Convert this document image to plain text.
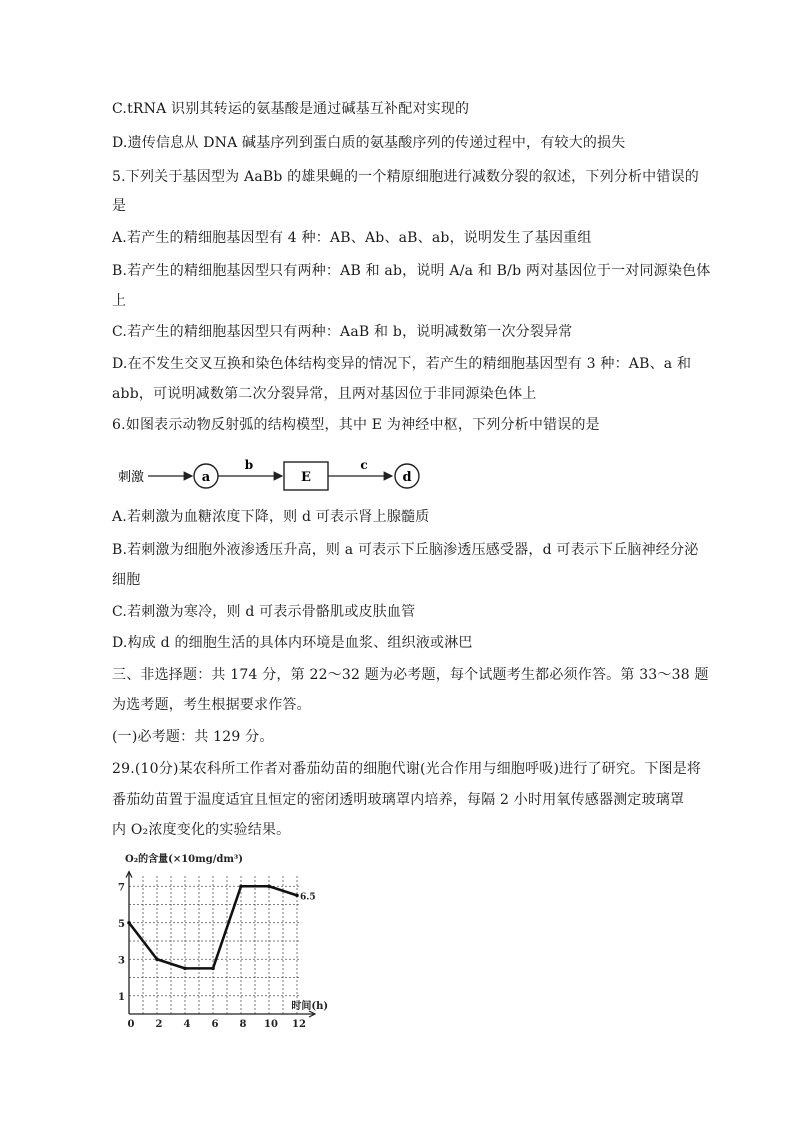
C.tRNA 识别其转运的氨基酸是通过碱基互补配对实现的
D.遗传信息从 DNA 碱基序列到蛋白质的氨基酸序列的传递过程中，有较大的损失
5.下列关于基因型为 AaBb 的雄果蝇的一个精原细胞进行减数分裂的叙述，下列分析中错误的
是
A.若产生的精细胞基因型有 4 种：AB、Ab、aB、ab，说明发生了基因重组
B.若产生的精细胞基因型只有两种：AB 和 ab，说明 A/a 和 B/b 两对基因位于一对同源染色体
上
C.若产生的精细胞基因型只有两种：AaB 和 b，说明减数第一次分裂异常
D.在不发生交叉互换和染色体结构变异的情况下，若产生的精细胞基因型有 3 种：AB、a 和
abb，可说明减数第二次分裂异常，且两对基因位于非同源染色体上
6.如图表示动物反射弧的结构模型，其中 E 为神经中枢，下列分析中错误的是
刺激	a
b
E
c
d
A.若刺激为血糖浓度下降，则 d 可表示肾上腺髓质
B.若刺激为细胞外液渗透压升高，则 a 可表示下丘脑渗透压感受器，d 可表示下丘脑神经分泌
细胞
C.若刺激为寒冷，则 d 可表示骨骼肌或皮肤血管
D.构成 d 的细胞生活的具体内环境是血浆、组织液或淋巴
三、非选择题：共 174 分，第 22～32 题为必考题，每个试题考生都必须作答。第 33～38 题
为选考题，考生根据要求作答。
(一)必考题：共 129 分。
29.(10分)某农科所工作者对番茄幼苗的细胞代谢(光合作用与细胞呼吸)进行了研究。下图是将
番茄幼苗置于温度适宜且恒定的密闭透明玻璃罩内培养，每隔 2 小时用氧传感器测定玻璃罩
内 O₂浓度变化的实验结果。
0 2 4 6 8 10 12
1
3
5
7
6.5
O₂的含量(×10mg/dm³)
时间(h)
